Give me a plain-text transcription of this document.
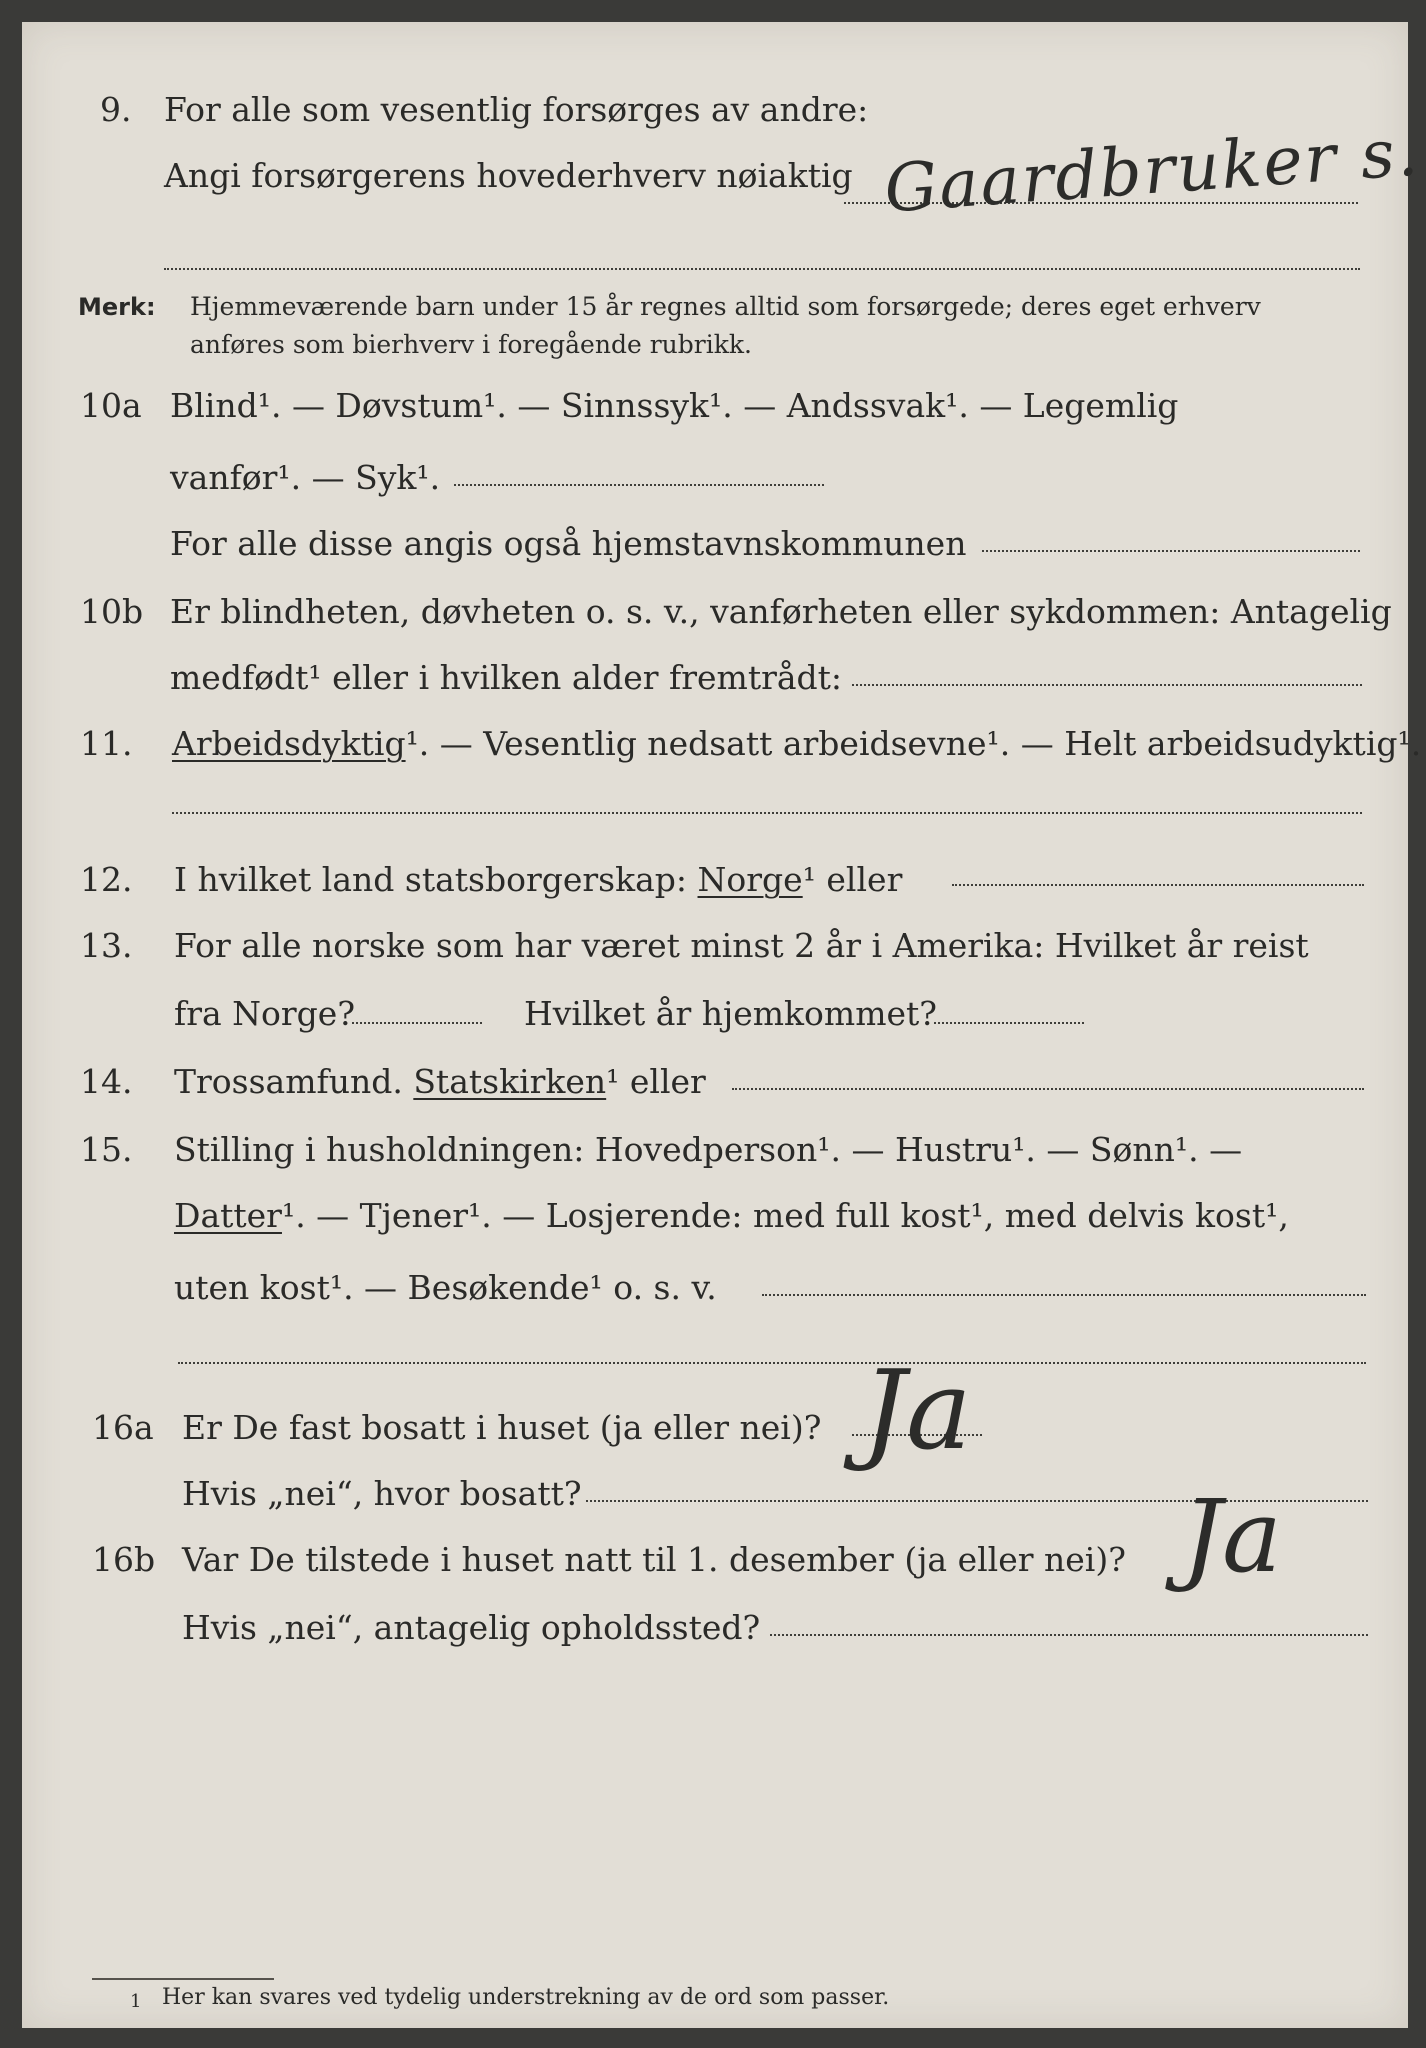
9. For alle som vesentlig forsørges av andre:
Angi forsørgerens hovederhverv nøiaktig Gaardbruker s.
Merk: Hjemmeværende barn under 15 år regnes alltid som forsørgede; deres eget erhverv
anføres som bierhverv i foregående rubrikk.
10a Blind¹. — Døvstum¹. — Sinnssyk¹. — Andssvak¹. — Legemlig
vanfør¹. — Syk¹.
For alle disse angis også hjemstavnskommunen
10b Er blindheten, døvheten o. s. v., vanførheten eller sykdommen: Antagelig
medfødt¹ eller i hvilken alder fremtrådt:
11. Arbeidsdyktig¹. — Vesentlig nedsatt arbeidsevne¹. — Helt arbeidsudyktig¹.
12. I hvilket land statsborgerskap: Norge¹ eller
13. For alle norske som har været minst 2 år i Amerika: Hvilket år reist
fra Norge?	Hvilket år hjemkommet?
14. Trossamfund. Statskirken¹ eller
15. Stilling i husholdningen: Hovedperson¹. — Hustru¹. — Sønn¹. —
Datter¹. — Tjener¹. — Losjerende: med full kost¹, med delvis kost¹,
uten kost¹. — Besøkende¹ o. s. v.
16a Er De fast bosatt i huset (ja eller nei)? Ja
Hvis „nei“, hvor bosatt?
16b Var De tilstede i huset natt til 1. desember (ja eller nei)? Ja
Hvis „nei“, antagelig opholdssted?
1 Her kan svares ved tydelig understrekning av de ord som passer.
